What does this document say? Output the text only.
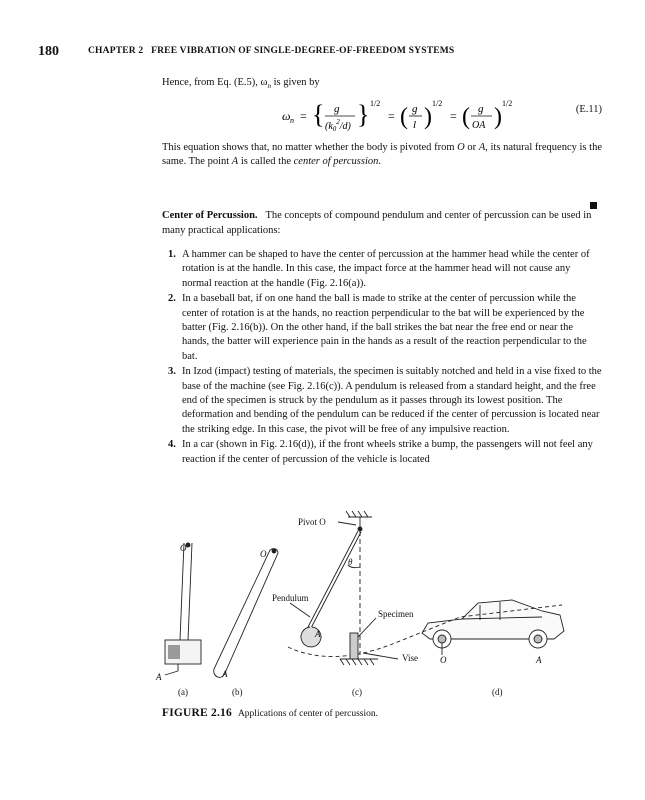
180	CHAPTER 2 FREE VIBRATION OF SINGLE-DEGREE-OF-FREEDOM SYSTEMS
Hence, from Eq. (E.5), $\omega_n$ is given by
ω n = { g
$(k_0^2/d)$ } 1/2
= ( g
l )
1/2
= ( g
OA )
1/2
(E.11)
This equation shows that, no matter whether the body is pivoted from O or A, its natural frequency is the same. The point A is called the center of percussion.
Center of Percussion. The concepts of compound pendulum and center of percussion can be used in many practical applications:
1. A hammer can be shaped to have the center of percussion at the hammer head while the center of rotation is at the handle. In this case, the impact force at the hammer head will not cause any normal reaction at the handle (Fig. 2.16(a)).
2. In a baseball bat, if on one hand the ball is made to strike at the center of percussion while the center of rotation is at the hands, no reaction perpendicular to the bat will be experienced by the batter (Fig. 2.16(b)). On the other hand, if the ball strikes the bat near the free end or near the hands, the batter will experience pain in the hands as a result of the reaction perpendicular to the bat.
3. In Izod (impact) testing of materials, the specimen is suitably notched and held in a vise fixed to the base of the machine (see Fig. 2.16(c)). A pendulum is released from a standard height, and the free end of the specimen is struck by the pendulum as it passes through its lowest position. The deformation and bending of the pendulum can be reduced if the center of percussion is located near the striking edge. In this case, the pivot will be free of any impulsive reaction.
4. In a car (shown in Fig. 2.16(d)), if the front wheels strike a bump, the passengers will not feel any reaction if the center of percussion of the vehicle is located
O
A
O
A
Pivot O
θ
Pendulum
Specimen
Vise
A
O	A
(a)	(b)	(c)	(d)
FIGURE 2.16 Applications of center of percussion.
